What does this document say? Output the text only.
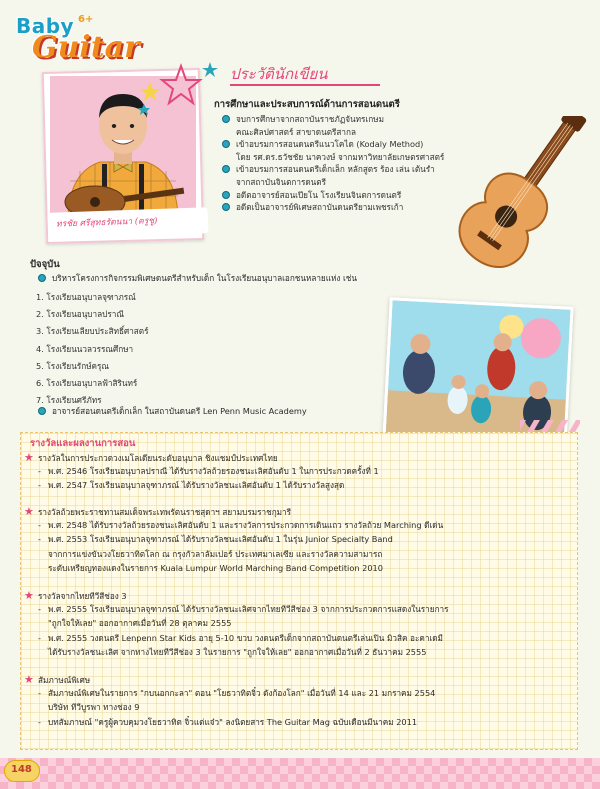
Baby 6+
Guitar
ทรชัย ศรีสุทธรัตนนา (ครูชู)
ประวัตินักเขียน
การศึกษาและประสบการณ์ด้านการสอนดนตรี
จบการศึกษาจากสถาบันราชภัฏจันทรเกษม
คณะศิลปศาสตร์ สาขาดนตรีสากล
เข้าอบรมการสอนดนตรีแนวโคได (Kodaly Method)
โดย รศ.ดร.ธวัชชัย นาควงษ์ จากมหาวิทยาลัยเกษตรศาสตร์
เข้าอบรมการสอนดนตรีเด็กเล็ก หลักสูตร ร้อง เล่น เต้นรำ
จากสถาบันจินตการดนตรี
อดีตอาจารย์สอนเปียโน โรงเรียนจินตการดนตรี
อดีตเป็นอาจารย์พิเศษสถาบันดนตรียามเพชรเก้า
ปัจจุบัน
บริหารโครงการกิจกรรมพิเศษดนตรีสำหรับเด็ก ในโรงเรียนอนุบาลเอกชนหลายแห่ง เช่น
1. โรงเรียนอนุบาลจุฑาภรณ์
2. โรงเรียนอนุบาลปราณี
3. โรงเรียนเลียบประสิทธิ์ศาสตร์
4. โรงเรียนนวลวรรณศึกษา
5. โรงเรียนรักษ์ครุณ
6. โรงเรียนอนุบาลฟ้าสิรินทร์
7. โรงเรียนศรีภัทร
อาจารย์สอนดนตรีเด็กเล็ก ในสถาบันดนตรี Len Penn Music Academy
รางวัลและผลงานการสอน
★ รางวัลในการประกวดวงเมโลเดียนระดับอนุบาล ชิงแชมป์ประเทศไทย
- พ.ศ. 2546 โรงเรียนอนุบาลปราณี ได้รับรางวัลถ้วยรองชนะเลิศอันดับ 1 ในการประกวดครั้งที่ 1
- พ.ศ. 2547 โรงเรียนอนุบาลจุฑาภรณ์ ได้รับรางวัลชนะเลิศอันดับ 1 ได้รับรางวัลสูงสุด
★ รางวัลถ้วยพระราชทานสมเด็จพระเทพรัตนราชสุดาฯ สยามบรมราชกุมารี
- พ.ศ. 2548 ได้รับรางวัลถ้วยรองชนะเลิศอันดับ 1 และรางวัลการประกวดการเดินแถว รางวัลถ้วย Marching ดีเด่น
- พ.ศ. 2553 โรงเรียนอนุบาลจุฑาภรณ์ ได้รับรางวัลชนะเลิศอันดับ 1 ในรุ่น Junior Specialty Band
จากการแข่งขันวงโยธวาทิตโลก ณ กรุงกัวลาลัมเปอร์ ประเทศมาเลเซีย และรางวัลความสามารถ
ระดับเหรียญทองแดงในรายการ Kuala Lumpur World Marching Band Competition 2010
★ รางวัลจากไทยทีวีสีช่อง 3
- พ.ศ. 2555 โรงเรียนอนุบาลจุฑาภรณ์ ได้รับรางวัลชนะเลิศจากไทยทีวีสีช่อง 3 จากการประกวดการแสดงในรายการ
"ถูกใจให้เลย" ออกอากาศเมื่อวันที่ 28 ตุลาคม 2555
- พ.ศ. 2555 วงดนตรี Lenpenn Star Kids อายุ 5-10 ขวบ วงดนตรีเด็กจากสถาบันดนตรีเล่นเปิน มิวสิค อะคาเดมี
ได้รับรางวัลชนะเลิศ จากทางไทยทีวีสีช่อง 3 ในรายการ "ถูกใจให้เลย" ออกอากาศเมื่อวันที่ 2 ธันวาคม 2555
★ สัมภาษณ์พิเศษ
- สัมภาษณ์พิเศษในรายการ "กบนอกกะลา" ตอน "โยธวาทิตจิ๋ว ดังก้องโลก" เมื่อวันที่ 14 และ 21 มกราคม 2554
บริษัท ทีวีบูรพา ทางช่อง 9
- บทสัมภาษณ์ "ครูผู้ควบคุมวงโยธวาทิต จิ๋วแต่แจ๋ว" ลงนิตยสาร The Guitar Mag ฉบับเดือนมีนาคม 2011
148
